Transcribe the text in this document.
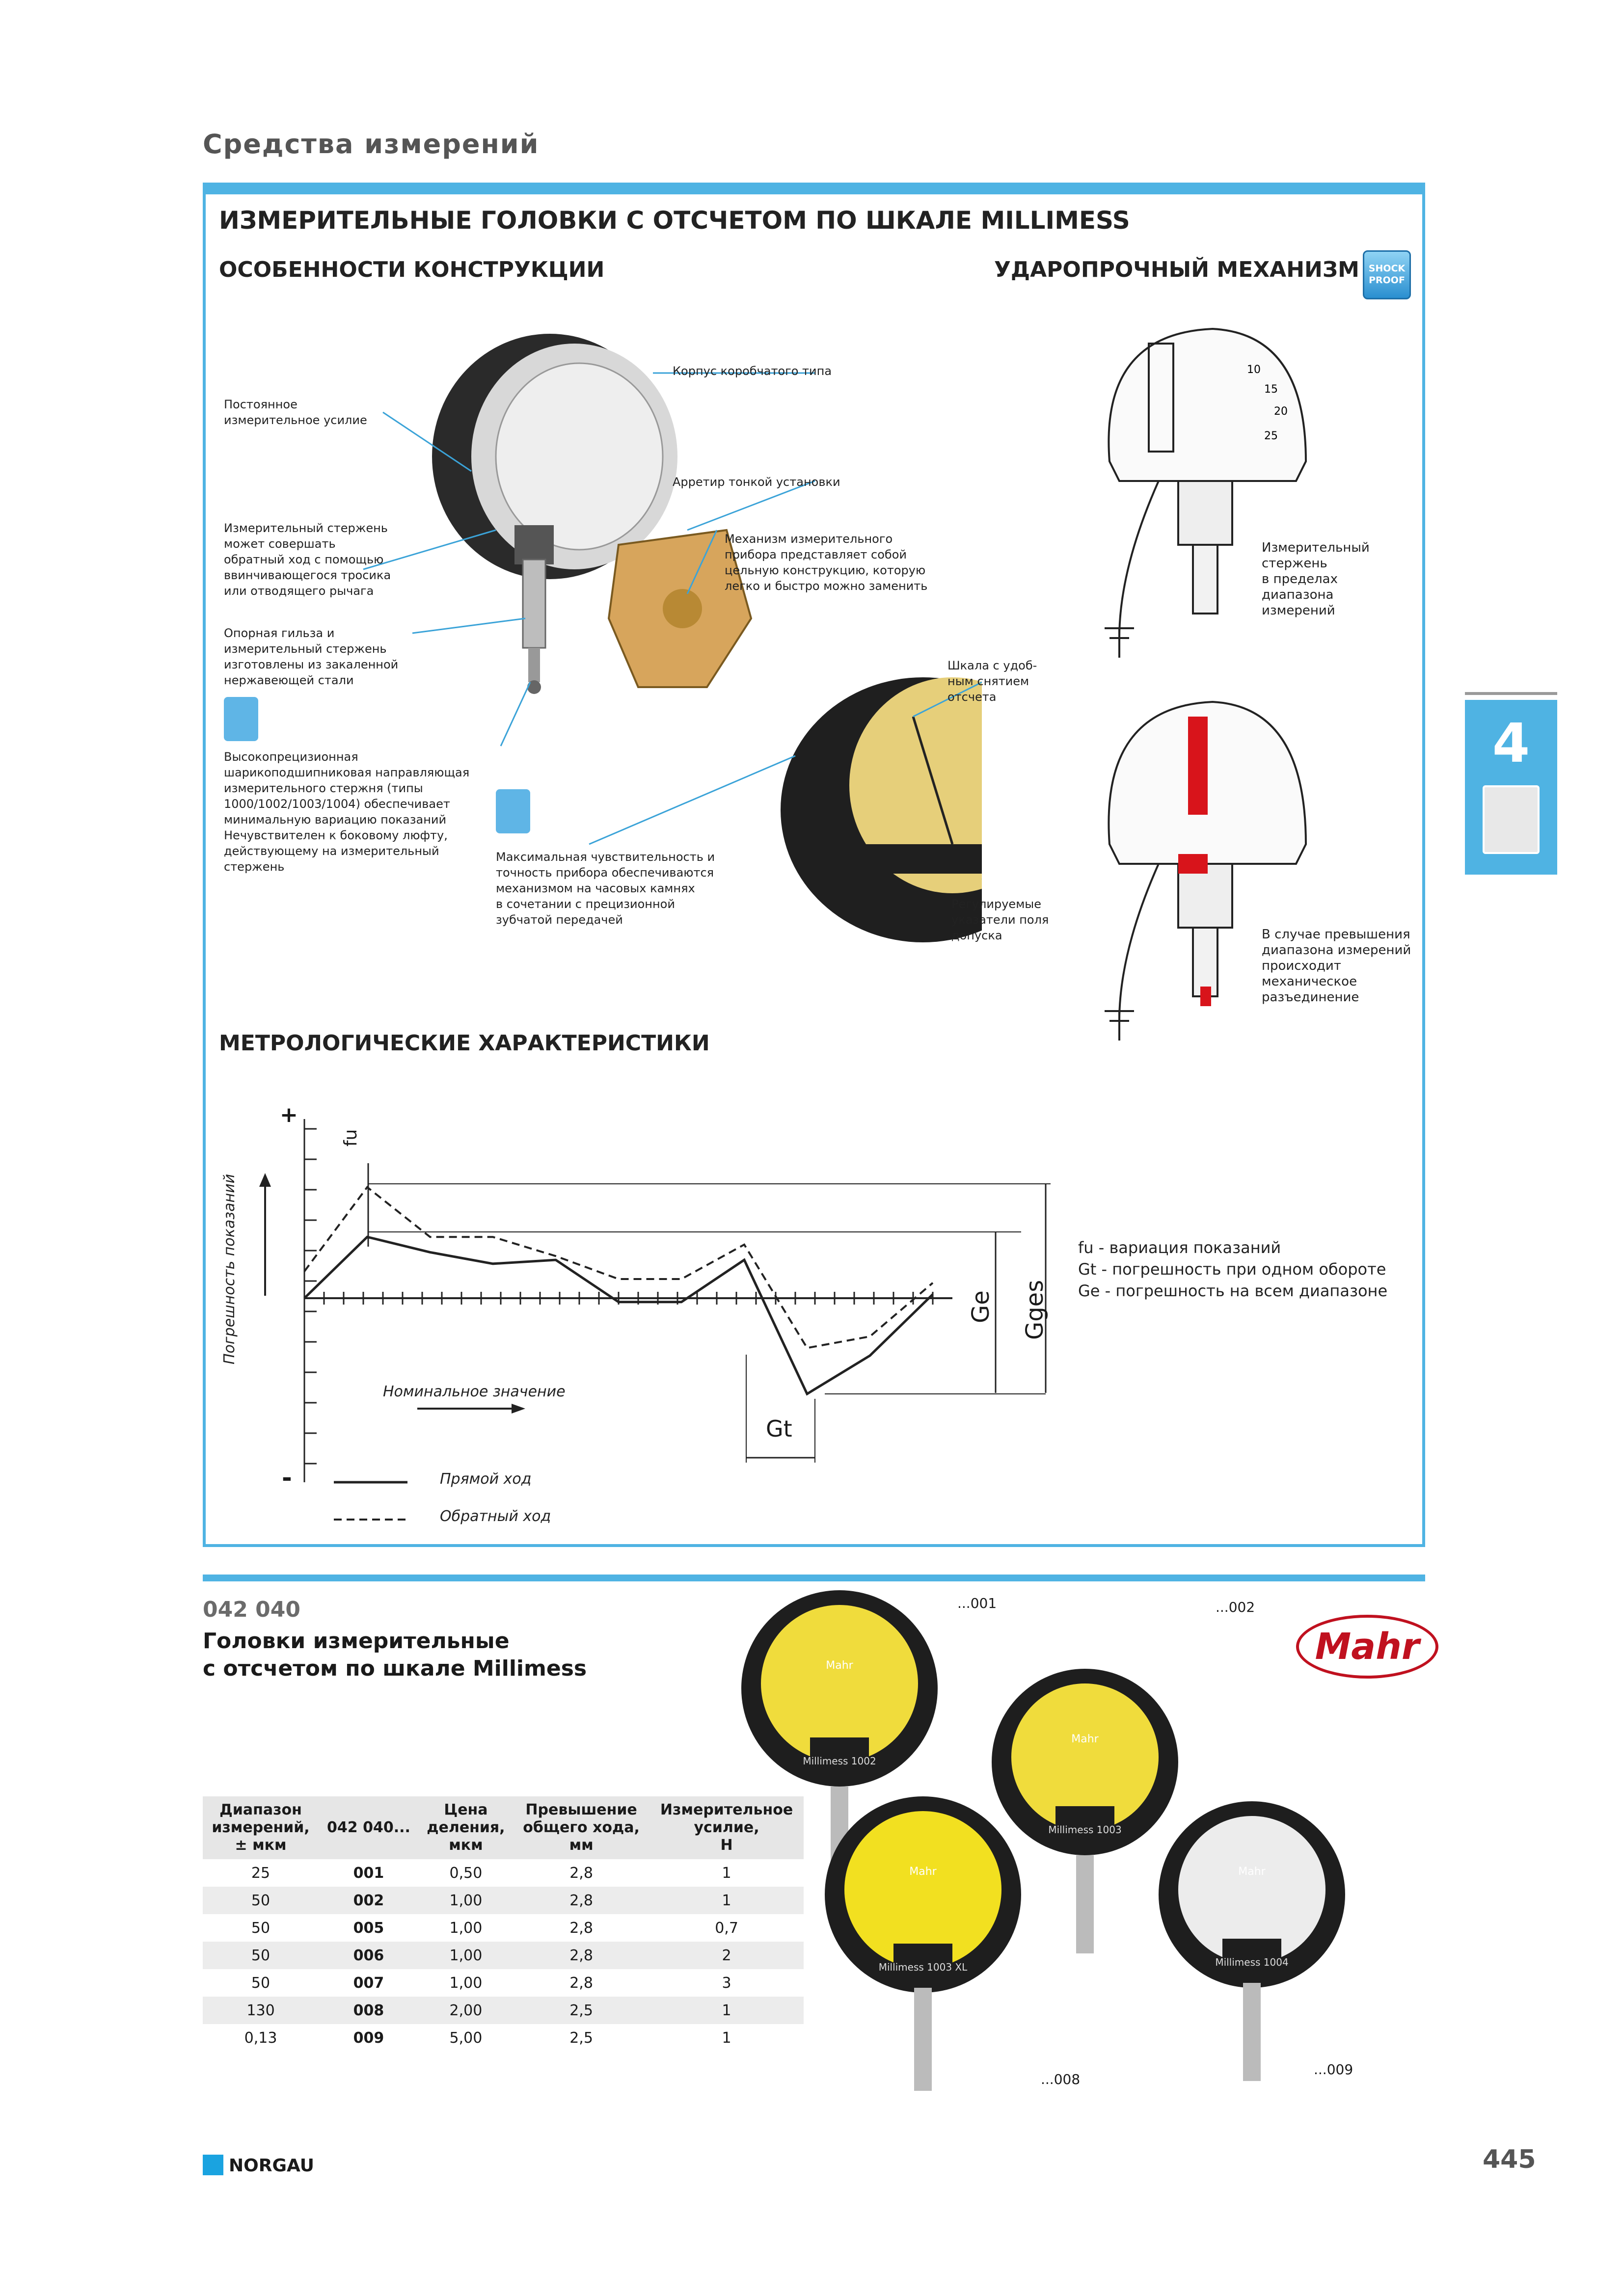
Средства измерений
ИЗМЕРИТЕЛЬНЫЕ ГОЛОВКИ С ОТСЧЕТОМ ПО ШКАЛЕ MILLIMESS
ОСОБЕННОСТИ КОНСТРУКЦИИ	УДАРОПРОЧНЫЙ МЕХАНИЗМ SHOCK
PROOF
Корпус коробчатого типа
Постоянное
измерительное усилие
Арретир тонкой установки
Измерительный стержень
может совершать
обратный ход с помощью
ввинчивающегося тросика
или отводящего рычага
Механизм измерительного
прибора представляет собой
цельную конструкцию, которую
легко и быстро можно заменить
Опорная гильза и
измерительный стержень
изготовлены из закаленной
нержавеющей стали
Шкала с удоб-
ным снятием
отсчета
Высокопрецизионная
шарикоподшипниковая направляющая
измерительного стержня (типы
1000/1002/1003/1004) обеспечивает
минимальную вариацию показаний
Нечувствителен к боковому люфту,
действующему на измерительный
стержень
Максимальная чувствительность и
точность прибора обеспечиваются
механизмом на часовых камнях
в сочетании с прецизионной
зубчатой передачей
Регулируемые
указатели поля
допуска
10
15
20
25
Измерительный
стержень
в пределах
диапазона
измерений
В случае превышения
диапазона измерений
происходит
механическое
разъединение
4
МЕТРОЛОГИЧЕСКИЕ ХАРАКТЕРИСТИКИ
+
-
fu
Погрешность показаний
Номинальное значение
Ge Gges
Gt
Прямой ход
Обратный ход
fu - вариация показаний
Gt - погрешность при одном обороте
Ge - погрешность на всем диапазоне
042 040
Головки измерительные
с отсчетом по шкале Millimess
Mahr
Mahr
Millimess 1002
Mahr
Millimess 1003
Mahr
Millimess 1003 XL
Mahr
Millimess 1004
...001	...002
...008
...009
Диапазон
измерений,
± мкм	042 040...	Цена
деления,
мкм	Превышение
общего хода,
мм	Измерительное
усилие,
Н
25	001	0,50	2,8	1
50	002	1,00	2,8	1
50	005	1,00	2,8	0,7
50	006	1,00	2,8	2
50	007	1,00	2,8	3
130	008	2,00	2,5	1
0,13	009	5,00	2,5	1
NORGAU	445
